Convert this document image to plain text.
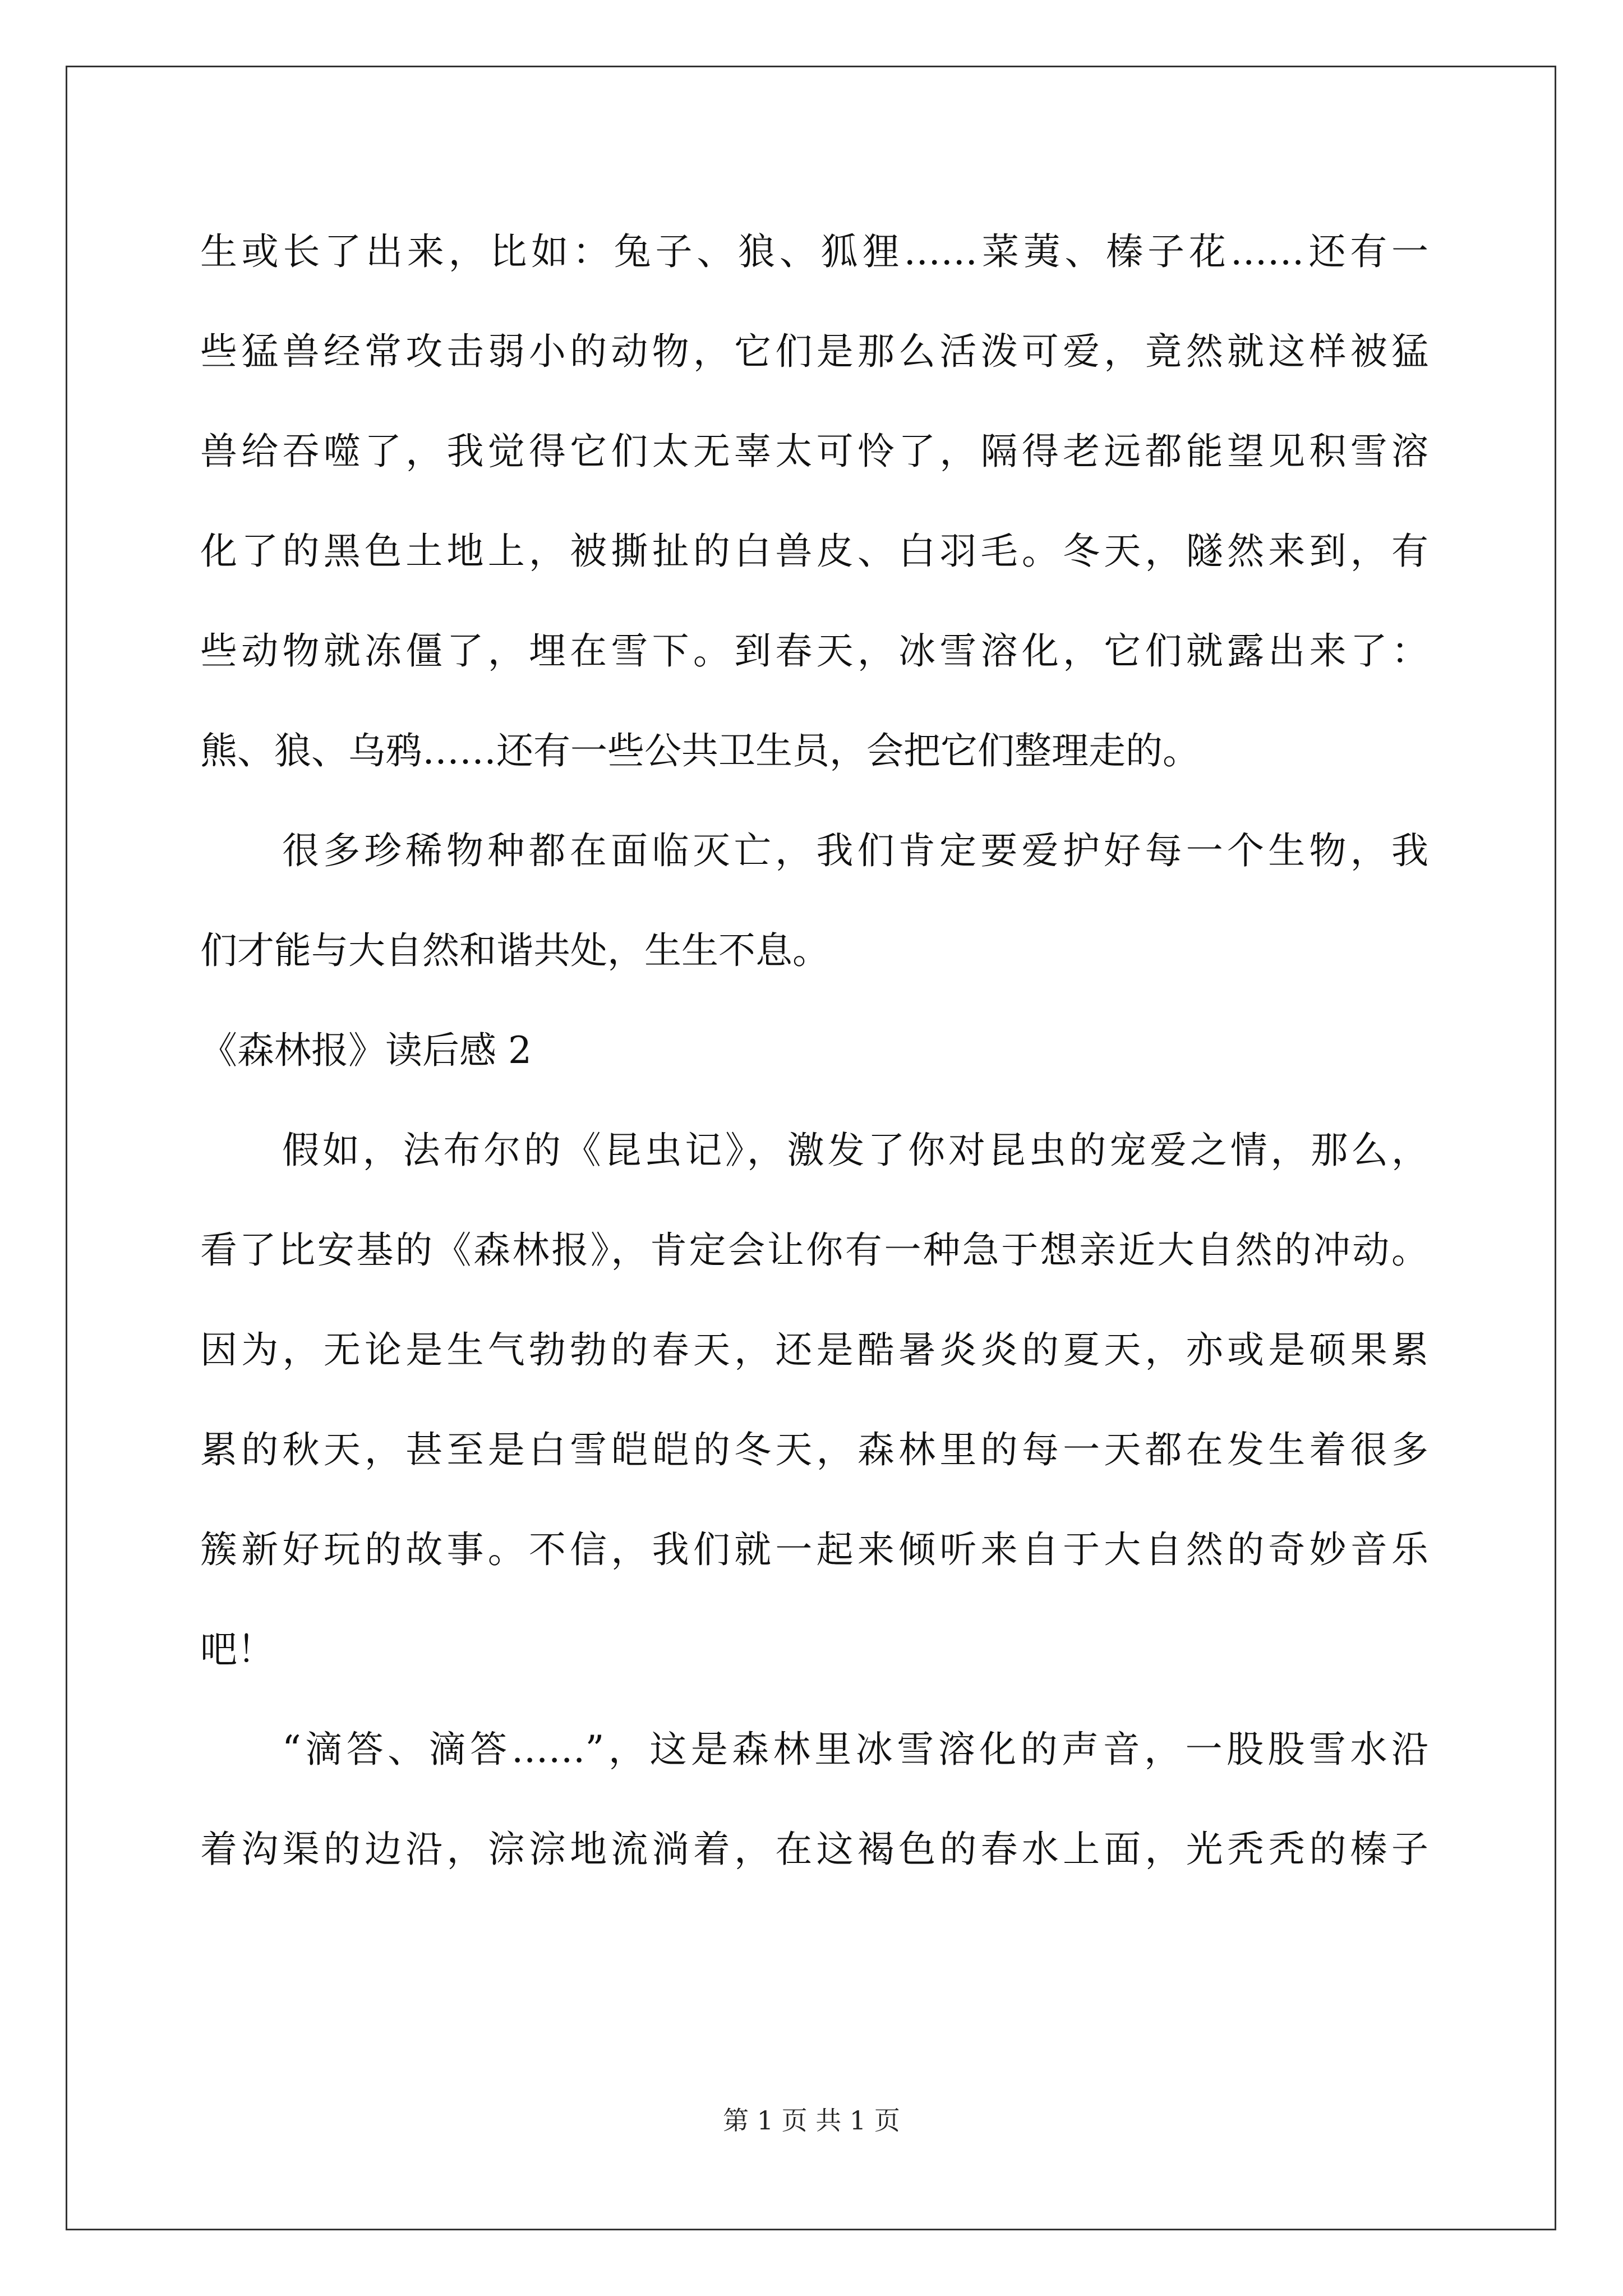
生或长了出来，比如：兔子、狼、狐狸……菜荑、榛子花……还有一
些猛兽经常攻击弱小的动物，它们是那么活泼可爱，竟然就这样被猛
兽给吞噬了，我觉得它们太无辜太可怜了，隔得老远都能望见积雪溶
化了的黑色土地上，被撕扯的白兽皮、白羽毛。冬天，隧然来到，有
些动物就冻僵了，埋在雪下。到春天，冰雪溶化，它们就露出来了：
熊、狼、乌鸦……还有一些公共卫生员，会把它们整理走的。
很多珍稀物种都在面临灭亡，我们肯定要爱护好每一个生物，我
们才能与大自然和谐共处，生生不息。
《森林报》读后感 2
假如，法布尔的《昆虫记》，激发了你对昆虫的宠爱之情，那么，
看了比安基的《森林报》，肯定会让你有一种急于想亲近大自然的冲动。
因为，无论是生气勃勃的春天，还是酷暑炎炎的夏天，亦或是硕果累
累的秋天，甚至是白雪皑皑的冬天，森林里的每一天都在发生着很多
簇新好玩的故事。不信，我们就一起来倾听来自于大自然的奇妙音乐
吧！
“滴答、滴答……”，这是森林里冰雪溶化的声音，一股股雪水沿
着沟渠的边沿，淙淙地流淌着，在这褐色的春水上面，光秃秃的榛子
第 1 页 共 1 页
